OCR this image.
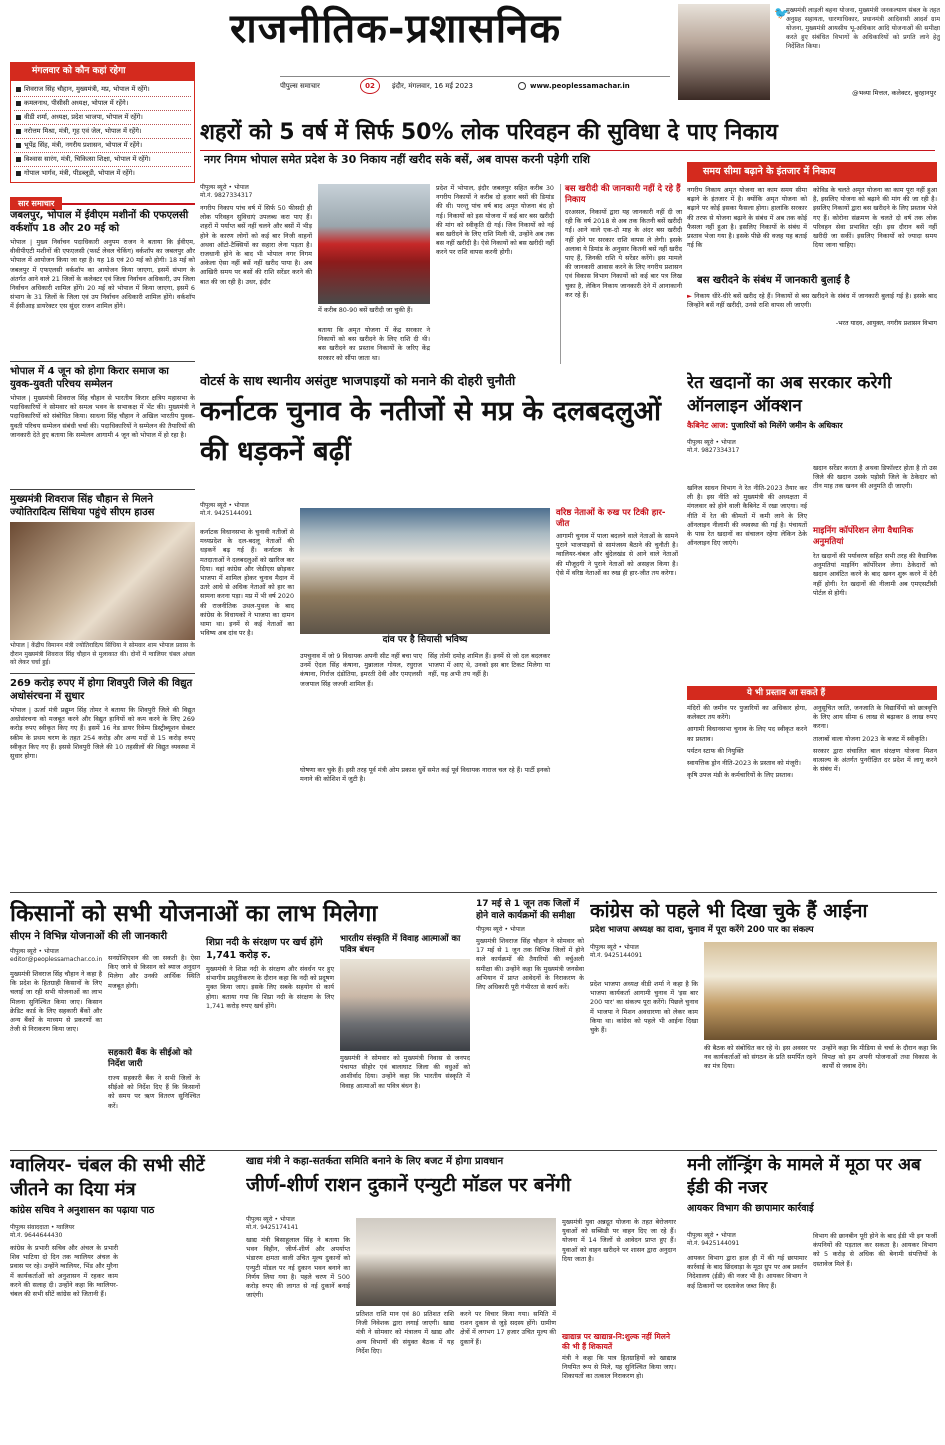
राजनीतिक-प्रशासनिक
पीपुल्स समाचार	02	इंदौर, मंगलवार, 16 मई 2023	www.peoplessamachar.in
🐦
मुख्यमंत्री लाड़ली बहना योजना, मुख्यमंत्री जनकल्याण संबल के तहत अनुग्रह सहायता, धारणाधिकार, प्रधानमंत्री आदिवासी आदर्श ग्राम योजना, मुख्यमंत्री आयसीय भू-अधिकार आदि योजनाओं की समीक्षा करते हुए संबंधित विभागों के अधिकारियों को प्रगति लाने हेतु निर्देशित किया।
@भव्या मित्तल, कलेक्टर, बुरहानपुर
मंगलवार को कौन कहां रहेगा
शिवराज सिंह चौहान, मुख्यमंत्री, मप्र, भोपाल में रहेंगे।
कमलनाथ, पीसीसी अध्यक्ष, भोपाल में रहेंगे।
वीडी शर्मा, अध्यक्ष, प्रदेश भाजपा, भोपाल में रहेंगे।
नरोत्तम मिश्रा, मंत्री, गृह एवं जेल, भोपाल में रहेंगे।
भूपेंद्र सिंह, मंत्री, नगरीय प्रशासन, भोपाल में रहेंगे।
विश्वास सारंग, मंत्री, चिकित्सा शिक्षा, भोपाल में रहेंगे।
गोपाल भार्गव, मंत्री, पीडब्लूडी, भोपाल में रहेंगे।
सार समाचार
जबलपुर, भोपाल में ईवीएम मशीनों की एफएलसी वर्कशॉप 18 और 20 मई को
भोपाल | मुख्य निर्वाचन पदाधिकारी अनुपम राजन ने बताया कि ईवीएम, वीवीपीएटी मशीनों की एफएलसी (फर्स्ट लेवल चेकिंग) वर्कशॉप का जबलपुर और भोपाल में आयोजन किया जा रहा है। यह 18 एवं 20 मई को होगी। 18 मई को जबलपुर में एफएलसी वर्कशॉप का आयोजन किया जाएगा, इसमें संभाग के अंतर्गत आने वाले 21 जिलों के कलेक्टर एवं जिला निर्वाचन अधिकारी, उप जिला निर्वाचन अधिकारी शामिल होंगे। 20 मई को भोपाल में किया जाएगा, इसमें 6 संभाग के 31 जिलों के जिला एवं उप निर्वाचन अधिकारी शामिल होंगे। वर्कशॉप में ईसीआइ डायरेक्टर एस सुंदर राजन शामिल होंगे।
भोपाल में 4 जून को होगा किरार समाज का युवक-युवती परिचय सम्मेलन
भोपाल | मुख्यमंत्री शिवराज सिंह चौहान से भारतीय किरार क्षत्रिय महासभा के पदाधिकारियों ने सोमवार को समत्व भवन के सभाकक्ष में भेंट की। मुख्यमंत्री ने पदाधिकारियों को संबोधित किया। साधना सिंह चौहान ने अखिल भारतीय युवक-युवती परिचय सम्मेलन संबंधी चर्चा की। पदाधिकारियों ने सम्मेलन की तैयारियों की जानकारी देते हुए बताया कि सम्मेलन आगामी 4 जून को भोपाल में हो रहा है।
मुख्यमंत्री शिवराज सिंह चौहान से मिलने ज्योतिरादित्य सिंधिया पहुंचे सीएम हाउस
भोपाल | केंद्रीय विमानन मंत्री ज्योतिरादित्य सिंधिया ने सोमवार शाम भोपाल प्रवास के दौरान मुख्यमंत्री शिवराज सिंह चौहान से मुलाकात की। दोनों में ग्वालियर चंबल अंचल को लेकर चर्चा हुई।
269 करोड़ रुपए में होगा शिवपुरी जिले की विद्युत अधोसंरचना में सुधार
भोपाल | ऊर्जा मंत्री प्रद्युम्न सिंह तोमर ने बताया कि शिवपुरी जिले की विद्युत अधोसंरचना को मजबूत करने और विद्युत हानियों को कम करने के लिए 269 करोड़ रुपए स्वीकृत किए गए हैं। इसमें 16 नेड डायर रिवेम्प डिस्ट्रीब्यूशन सेक्टर स्कीम के प्रथम चरण के तहत 254 करोड़ और अन्य मदों से 15 करोड़ रुपए स्वीकृत किए गए हैं। इससे शिवपुरी जिले की 10 तहसीलों की विद्युत व्यवस्था में सुधार होगा।
शहरों को 5 वर्ष में सिर्फ 50% लोक परिवहन की सुविधा दे पाए निकाय
नगर निगम भोपाल समेत प्रदेश के 30 निकाय नहीं खरीद सके बसें, अब वापस करनी पड़ेगी राशि
पीपुल्स ब्यूरो • भोपाल
मो.नं. 9827334317
नगरीय निकाय पांच वर्ष में सिर्फ 50 फीसदी ही लोक परिवहन सुविधाएं उपलब्ध करा पाए हैं। शहरों में पर्याप्त बसें नहीं चलने और बसों में भीड़ होने के कारण लोगों को कई बार निजी वाहनों अथवा ऑटो-टैक्सियों का सहारा लेना पड़ता है। राजधानी होने के बाद भी भोपाल नगर निगम अकेला ऐसा नहीं बसें नहीं खरीद पाया है। अब आखिरी समय पर बसों की राशि सरेंडर करने की बात की जा रही है। उधर, इंदौर
में करीब 80-90 बसें खरीदी जा चुकी हैं।
बताया कि अमृत योजना में केंद्र सरकार ने निकायों को बस खरीदने के लिए राशि दी थी। बस खरीदने का प्रस्ताव निकायों के जरिए केंद्र सरकार को सौंपा जाता था।
प्रदेश में भोपाल, इंदौर जबलपुर सहित करीब 30 नगरीय निकायों ने करीब दो हजार बसों की डिमांड की थी। परन्तु पांच वर्ष बाद अमृत योजना बंद हो गई। निकायों को इस योजना में कई बार बस खरीदी की मांग को स्वीकृति दी गई। जिन निकायों को नई बस खरीदने के लिए राशि मिली थी, उन्होंने अब तक बस नहीं खरीदी है। ऐसे निकायों को बस खरीदी नहीं करने पर राशि वापस करनी होगी।
बस खरीदी की जानकारी नहीं दे रहे हैं निकाय
दरअसल, निकायों द्वारा यह जानकारी नहीं दी जा रही कि वर्ष 2018 से अब तक कितनी बसें खरीदी गईं। आने वाले एक-दो माह के अंदर बस खरीदी नहीं होने पर सरकार राशि वापस ले लेगी। इसके अलावा ये डिमांड के अनुसार कितनी बसें नहीं खरीद पाए हैं, जिनकी राशि ये सरेंडर करेंगे। इस मामले की जानकारी आवास करने के लिए नगरीय प्रशासन एवं विकास विभाग निकायों को कई बार पत्र लिख चुका है, लेकिन निकाय जानकारी देने में आनाकानी कर रहे हैं।
समय सीमा बढ़ाने के इंतजार में निकाय
नगरीय निकाय अमृत योजना का काम समय सीमा बढ़ाने के इंतजार में है। क्योंकि अमृत योजना को बढ़ाने पर कोई इसका फैसला होगा। हालांकि सरकार की तरफ से योजना बढ़ाने के संबंध में अब तक कोई फैसला नहीं हुआ है। इसलिए निकायों के संबंध में प्रस्ताव भेजा गया है। इसके पीछे की वजह यह बताई गई कि
कोविड के चलते अमृत योजना का काम पूरा नहीं हुआ है, इसलिए योजना को बढ़ाने की मांग की जा रही है। इसलिए निकायों द्वारा बस खरीदने के लिए प्रस्ताव भेजे गए हैं। कोरोना संक्रमण के चलते दो वर्ष तक लोक परिवहन सेवा प्रभावित रही। इस दौरान बसें नहीं खरीदी जा सकीं। इसलिए निकायों को ज्यादा समय दिया जाना चाहिए।
बस खरीदने के संबंध में जानकारी बुलाई है
► निकाय धीरे-धीरे बसें खरीद रहे हैं। निकायों से बस खरीदने के संबंध में जानकारी बुलाई गई है। इसके बाद जिन्होंने बसें नहीं खरीदी, उनसे राशि वापस ली जाएगी।
-भरत यादव, आयुक्त, नगरीय प्रशासन विभाग
वोटर्स के साथ स्थानीय असंतुष्ट भाजपाइयों को मनाने की दोहरी चुनौती
कर्नाटक चुनाव के नतीजों से मप्र के दलबदलुओं की धड़कनें बढ़ीं
पीपुल्स ब्यूरो • भोपाल
मो.नं. 9425144091
कर्नाटक विधानसभा के चुनावी नतीजों से मध्यप्रदेश के दल-बदलू नेताओं की धड़कनें बढ़ गई हैं। कर्नाटक के मतदाताओं ने दलबदलुओं को खारिज कर दिया। वहां कांग्रेस और जेडीएस छोड़कर भाजपा में शामिल होकर चुनाव मैदान में उतरे आधे से अधिक नेताओं को हार का सामना करना पड़ा। मप्र में भी वर्ष 2020 की राजनीतिक उथल-पुथल के बाद कांग्रेस के विधायकों ने भाजपा का दामन थामा था। इनमें से कई नेताओं का भविष्य अब दांव पर है।
दांव पर है सियासी भविष्य
उपचुनाव में जो 9 विधायक अपनी सीट नहीं बचा पाए उनमें ऐदल सिंह कंषाना, मुन्नालाल गोयल, रघुराज कंषाना, गिर्राज दंडोतिया, इमरती देवी और एमएलसी जजपाल सिंह जज्जी शामिल हैं।
सिंह तोमी दमोह शामिल हैं। इनमें से जो दल बदलकर भाजपा में आए थे, उनको इस बार टिकट मिलेगा या नहीं, यह अभी तय नहीं है।
वरिष्ठ नेताओं के रुख पर टिकी हार-जीत
आगामी चुनाव में पाला बदलने वाले नेताओं के सामने पुराने भाजपाइयों से सामंजस्य बैठाने की चुनौती है। ग्वालियर-चंबल और बुंदेलखंड से आने वाले नेताओं की मौजूदगी ने पुराने नेताओं को असहज किया है। ऐसे में वरिष्ठ नेताओं का रुख ही हार-जीत तय करेगा।
घोषणा कर चुके हैं। इसी तरह पूर्व मंत्री ओम प्रकाश धुर्वे समेत कई पूर्व विधायक नाराज चल रहे हैं। पार्टी इनको मनाने की कोशिश में जुटी है।
रेत खदानों का अब सरकार करेगी ऑनलाइन ऑक्शन
कैबिनेट आज: पुजारियों को मिलेंगे जमीन के अधिकार
पीपुल्स ब्यूरो • भोपाल
मो.नं. 9827334317
खनिज साधन विभाग ने रेत नीति-2023 तैयार कर ली है। इस नीति को मुख्यमंत्री की अध्यक्षता में मंगलवार को होने वाली कैबिनेट में रखा जाएगा। नई नीति में रेत की कीमतों में कमी लाने के लिए ऑनलाइन नीलामी की व्यवस्था की गई है। पंचायतों के पास रेत खदानों का संचालन रहेगा लेकिन ठेके ऑनलाइन दिए जाएंगे।
खदान सरेंडर करता है अथवा डिफॉल्टर होता है तो उस जिले की खदान उसके पड़ोसी जिले के ठेकेदार को तीन माह तक खनन की अनुमति दी जाएगी।
माइनिंग कॉर्पोरेशन लेगा वैधानिक अनुमतियां
रेत खदानों की पर्यावरण सहित सभी तरह की वैधानिक अनुमतियां माइनिंग कॉर्पोरेशन लेगा। ठेकेदारों को खदान आवंटित करने के बाद खनन शुरू करने में देरी नहीं होगी। रेत खदानों की नीलामी अब एमएसटीसी पोर्टल से होगी।
ये भी प्रस्ताव आ सकते हैं
मंदिरों की जमीन पर पुजारियों का अधिकार होगा, कलेक्टर तय करेंगे।
आगामी विधानसभा चुनाव के लिए पद स्वीकृत करने का प्रस्ताव।
पर्यटन स्टाफ की नियुक्ति
स्वायत्तिक ड्रोन नीति-2023 के प्रस्ताव को मंजूरी।
कृषि उपज मंडी के कर्मचारियों के लिए प्रस्ताव।
अनुसूचित जाति, जनजाति के विद्यार्थियों को छात्रवृत्ति के लिए आय सीमा 6 लाख से बढ़ाकर 8 लाख रुपए करना।
तालाबों वाला योजना 2023 के बजट में स्वीकृति।
सरकार द्वारा संचालित बाल संरक्षण योजना मिशन वात्सल्य के अंतर्गत पुनरीक्षित दर प्रदेश में लागू करने के संबंध में।
किसानों को सभी योजनाओं का लाभ मिलेगा
सीएम ने विभिन्न योजनाओं की ली जानकारी
पीपुल्स ब्यूरो • भोपाल
editor@peoplessamachar.co.in
मुख्यमंत्री शिवराज सिंह चौहान ने कहा है कि प्रदेश के हितग्राही किसानों के लिए चलाई जा रही सभी योजनाओं का लाभ मिलना सुनिश्चित किया जाए। किसान क्रेडिट कार्ड के लिए सहकारी बैंकों और अन्य बैंकों के माध्यम से प्रकरणों का तेजी से निराकरण किया जाए।
सनग्रोशिएशन की जा सकती है। ऐसा किए जाने से किसान को ब्याज अनुदान मिलेगा और उनकी आर्थिक स्थिति मजबूत होगी।
सहकारी बैंक के सीईओ को निर्देश जारी
राज्य सहकारी बैंक ने सभी जिलों के सीईओ को निर्देश दिए हैं कि किसानों को समय पर ऋण वितरण सुनिश्चित करें।
शिप्रा नदी के संरक्षण पर खर्च होंगे 1,741 करोड़ रु.
मुख्यमंत्री ने शिप्रा नदी के संरक्षण और संवर्धन पर हुए संभागीय प्रस्तुतीकरण के दौरान कहा कि नदी को प्रदूषण मुक्त किया जाए। इसके लिए सबके सहयोग से कार्य होगा। बताया गया कि शिप्रा नदी के संरक्षण के लिए 1,741 करोड़ रुपए खर्च होंगे।
भारतीय संस्कृति में विवाह आत्माओं का पवित्र बंधन
मुख्यमंत्री ने सोमवार को मुख्यमंत्री निवास से जनपद पंचायत सीहोर एवं बालाघाट जिला की वधुओं को आशीर्वाद दिया। उन्होंने कहा कि भारतीय संस्कृति में विवाह आत्माओं का पवित्र बंधन है।
17 मई से 1 जून तक जिलों में होने वाले कार्यक्रमों की समीक्षा
पीपुल्स ब्यूरो • भोपाल
मुख्यमंत्री शिवराज सिंह चौहान ने सोमवार को 17 मई से 1 जून तक विभिन्न जिलों में होने वाले कार्यक्रमों की तैयारियों की वर्चुअली समीक्षा की। उन्होंने कहा कि मुख्यमंत्री जनसेवा अभियान में प्राप्त आवेदनों के निराकरण के लिए अधिकारी पूरी गंभीरता से कार्य करें।
कांग्रेस को पहले भी दिखा चुके हैं आईना
प्रदेश भाजपा अध्यक्ष का दावा, चुनाव में पूरा करेंगे 200 पार का संकल्प
पीपुल्स ब्यूरो • भोपाल
मो.नं. 9425144091
प्रदेश भाजपा अध्यक्ष वीडी शर्मा ने कहा है कि भाजपा कार्यकर्ता आगामी चुनाव में 'इस बार 200 पार' का संकल्प पूरा करेंगे। पिछले चुनाव में भाजपा ने मिशन अवधारणा को लेकर काम किया था। कांग्रेस को पहले भी आईना दिखा चुके हैं।
की बैठक को संबोधित कर रहे थे। इस अवसर पर नव कार्यकर्ताओं को संगठन के प्रति समर्पित रहने का मंत्र दिया।
उन्होंने कहा कि मीडिया से चर्चा के दौरान कहा कि विपक्ष को हम अपनी योजनाओं तथा विकास के कार्यों से जवाब देंगे।
ग्वालियर- चंबल की सभी सीटें जीतने का दिया मंत्र
कांग्रेस सचिव ने अनुशासन का पढ़ाया पाठ
पीपुल्स संवाददाता • ग्वालियर
मो.नं. 9644644430
कांग्रेस के प्रभारी सचिव और अंचल के प्रभारी शिव भाटिया दो दिन तक ग्वालियर अंचल के प्रवास पर रहे। उन्होंने ग्वालियर, भिंड और मुरैना में कार्यकर्ताओं को अनुशासन में रहकर काम करने की सलाह दी। उन्होंने कहा कि ग्वालियर-चंबल की सभी सीटें कांग्रेस को जितानी हैं।
खाद्य मंत्री ने कहा-सतर्कता समिति बनाने के लिए बजट में होगा प्रावधान
जीर्ण-शीर्ण राशन दुकानें एन्युटी मॉडल पर बनेंगी
पीपुल्स ब्यूरो • भोपाल
मो.नं. 9425174141
खाद्य मंत्री बिसाहूलाल सिंह ने बताया कि भवन विहीन, जीर्ण-शीर्ण और अपर्याप्त भंडारण क्षमता वाली उचित मूल्य दुकानों को एन्युटी मॉडल पर नई दुकान भवन बनाने का निर्णय लिया गया है। पहले चरण में 500 करोड़ रुपए की लागत से नई दुकानें बनाई जाएंगी।
प्रतिशत राशि मान एवं 80 प्रतिशत राशि निजी निवेशक द्वारा लगाई जाएगी। खाद्य मंत्री ने सोमवार को मंत्रालय में खाद्य और अन्य विभागों की संयुक्त बैठक में यह निर्देश दिए।
करने पर विचार किया गया। समिति में राशन दुकान से जुड़े सदस्य होंगे। ग्रामीण क्षेत्रों में लगभग 17 हजार उचित मूल्य की दुकानें हैं।
मुख्यमंत्री युवा अन्नदूत योजना के तहत बेरोजगार युवाओं को सब्सिडी पर वाहन दिए जा रहे हैं। योजना में 14 जिलों से आवेदन प्राप्त हुए हैं। युवाओं को वाहन खरीदने पर शासन द्वारा अनुदान दिया जाता है।
खाद्यान्न पर खाद्यान्न-नि:शुल्क नहीं मिलने की भी हैं शिकायतें
मंत्री ने कहा कि पात्र हितग्राहियों को खाद्यान्न नियमित रूप से मिले, यह सुनिश्चित किया जाए। शिकायतों का तत्काल निराकरण हो।
मनी लॉन्ड्रिंग के मामले में मूठा पर अब ईडी की नजर
आयकर विभाग की छापामार कार्रवाई
पीपुल्स ब्यूरो • भोपाल
मो.नं. 9425144091
आयकर विभाग द्वारा हाल ही में की गई छापामार कार्रवाई के बाद छिंदवाड़ा के मूठा ग्रुप पर अब प्रवर्तन निदेशालय (ईडी) की नजर भी है। आयकर विभाग ने कई ठिकानों पर दस्तावेज जब्त किए हैं।
विभाग की छानबीन पूरी होने के बाद ईडी भी इन फर्जी कंपनियों की पड़ताल कर सकता है। आयकर विभाग को 5 करोड़ से अधिक की बेनामी संपत्तियों के दस्तावेज मिले हैं।
